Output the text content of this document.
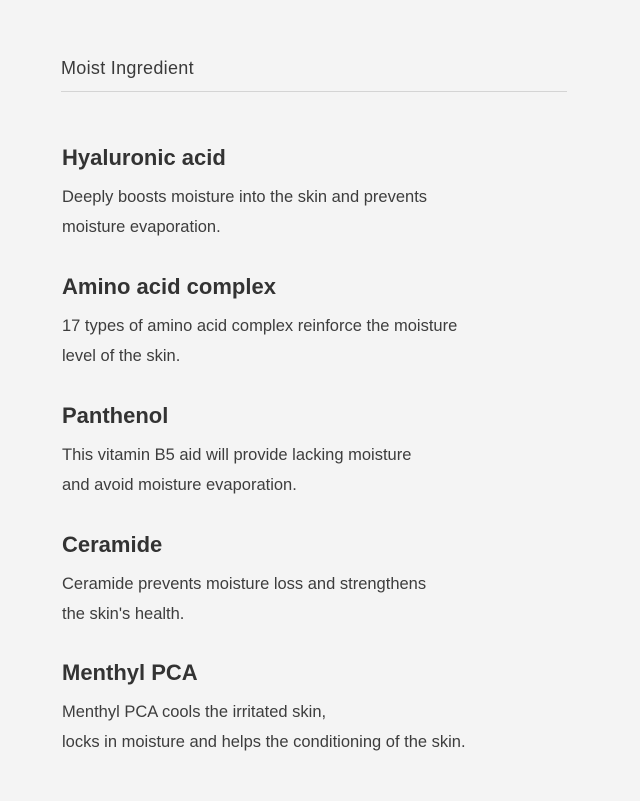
Moist Ingredient
Hyaluronic acid
Deeply boosts moisture into the skin and prevents
moisture evaporation.
Amino acid complex
17 types of amino acid complex reinforce the moisture
level of the skin.
Panthenol
This vitamin B5 aid will provide lacking moisture
and avoid moisture evaporation.
Ceramide
Ceramide prevents moisture loss and strengthens
the skin's health.
Menthyl PCA
Menthyl PCA cools the irritated skin,
locks in moisture and helps the conditioning of the skin.
